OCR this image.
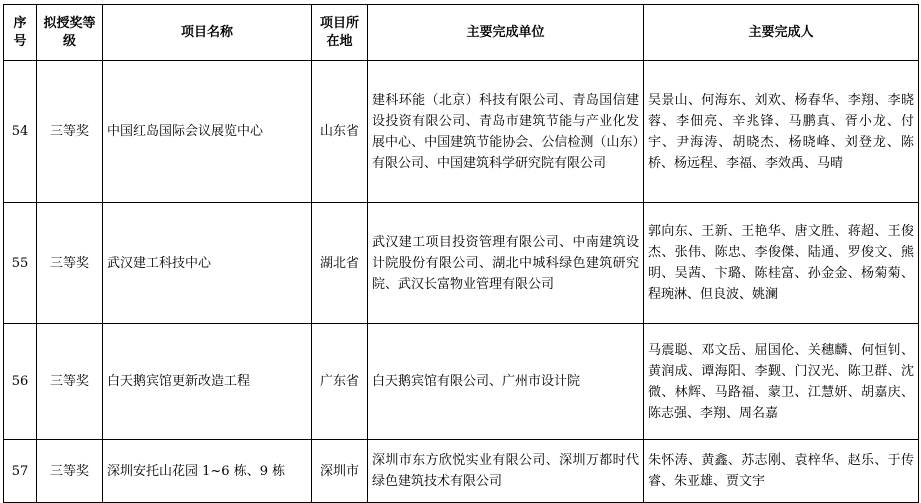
序号	拟授奖等级	项目名称	项目所在地	主要完成单位	主要完成人
54	三等奖	中国红岛国际会议展览中心	山东省	建科环能（北京）科技有限公司、青岛国信建设投资有限公司、青岛市建筑节能与产业化发展中心、中国建筑节能协会、公信检测（山东）有限公司、中国建筑科学研究院有限公司	吴景山、何海东、刘欢、杨春华、李翔、李晓蓉、李佃亮、辛兆锋、马鹏真、胥小龙、付宇、尹海涛、胡晓杰、杨晓峰、刘登龙、陈桥、杨远程、李福、李效禹、马晴
55	三等奖	武汉建工科技中心	湖北省	武汉建工项目投资管理有限公司、中南建筑设计院股份有限公司、湖北中城科绿色建筑研究院、武汉长富物业管理有限公司	郭向东、王新、王艳华、唐文胜、蒋超、王俊杰、张伟、陈忠、李俊傑、陆通、罗俊文、熊明、吴茜、卞璐、陈桂富、孙金金、杨菊菊、程琬淋、但良波、姚澜
56	三等奖	白天鹅宾馆更新改造工程	广东省	白天鹅宾馆有限公司、广州市设计院	马震聪、邓文岳、屈国伦、关穗麟、何恒钊、黄润成、谭海阳、李觐、门汉光、陈卫群、沈微、林辉、马路福、蒙卫、江慧妍、胡嘉庆、陈志强、李翔、周名嘉
57	三等奖	深圳安托山花园 1~6 栋、9 栋	深圳市	深圳市东方欣悦实业有限公司、深圳万都时代绿色建筑技术有限公司	朱怀涛、黄鑫、苏志刚、袁梓华、赵乐、于传睿、朱亚雄、贾文宇
